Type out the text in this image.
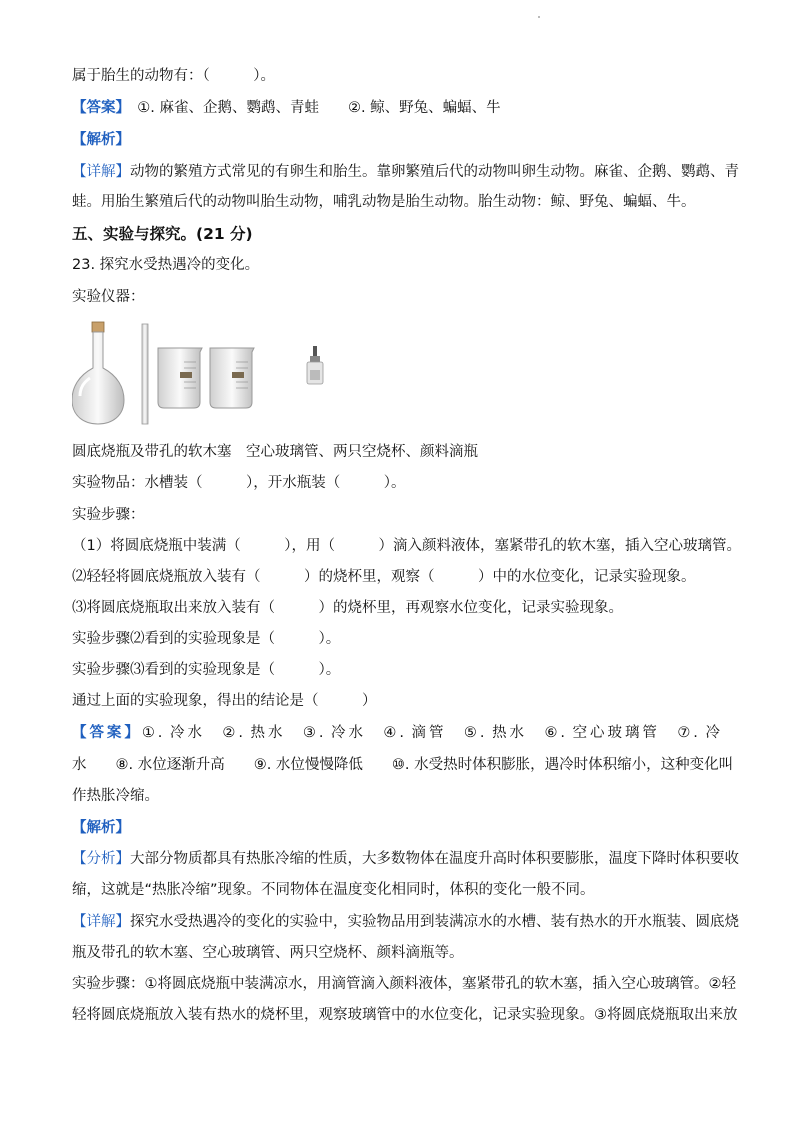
属于胎生的动物有：（　　　）。
【答案】　①. 麻雀、企鹅、鹦鹉、青蛙　　②. 鲸、野兔、蝙蝠、牛
【解析】
【详解】动物的繁殖方式常见的有卵生和胎生。靠卵繁殖后代的动物叫卵生动物。麻雀、企鹅、鹦鹉、青
蛙。用胎生繁殖后代的动物叫胎生动物，哺乳动物是胎生动物。胎生动物：鲸、野兔、蝙蝠、牛。
五、实验与探究。(21 分)
23. 探究水受热遇冷的变化。
实验仪器：
圆底烧瓶及带孔的软木塞　空心玻璃管、两只空烧杯、颜料滴瓶
实验物品：水槽装（　　　），开水瓶装（　　　）。
实验步骤：
（1）将圆底烧瓶中装满（　　　），用（　　　）滴入颜料液体，塞紧带孔的软木塞，插入空心玻璃管。
⑵轻轻将圆底烧瓶放入装有（　　　）的烧杯里，观察（　　　）中的水位变化，记录实验现象。
⑶将圆底烧瓶取出来放入装有（　　　）的烧杯里，再观察水位变化，记录实验现象。
实验步骤⑵看到的实验现象是（　　　）。
实验步骤⑶看到的实验现象是（　　　）。
通过上面的实验现象，得出的结论是（　　　）
【答案】①. 冷水　②. 热水　③. 冷水　④. 滴管　⑤. 热水　⑥. 空心玻璃管　⑦. 冷
水　　⑧. 水位逐渐升高　　⑨. 水位慢慢降低　　⑩. 水受热时体积膨胀，遇冷时体积缩小，这种变化叫
作热胀冷缩。
【解析】
【分析】大部分物质都具有热胀冷缩的性质，大多数物体在温度升高时体积要膨胀，温度下降时体积要收
缩，这就是“热胀冷缩”现象。不同物体在温度变化相同时，体积的变化一般不同。
【详解】探究水受热遇冷的变化的实验中，实验物品用到装满凉水的水槽、装有热水的开水瓶装、圆底烧
瓶及带孔的软木塞、空心玻璃管、两只空烧杯、颜料滴瓶等。
实验步骤：①将圆底烧瓶中装满凉水，用滴管滴入颜料液体，塞紧带孔的软木塞，插入空心玻璃管。②轻
轻将圆底烧瓶放入装有热水的烧杯里，观察玻璃管中的水位变化，记录实验现象。③将圆底烧瓶取出来放
